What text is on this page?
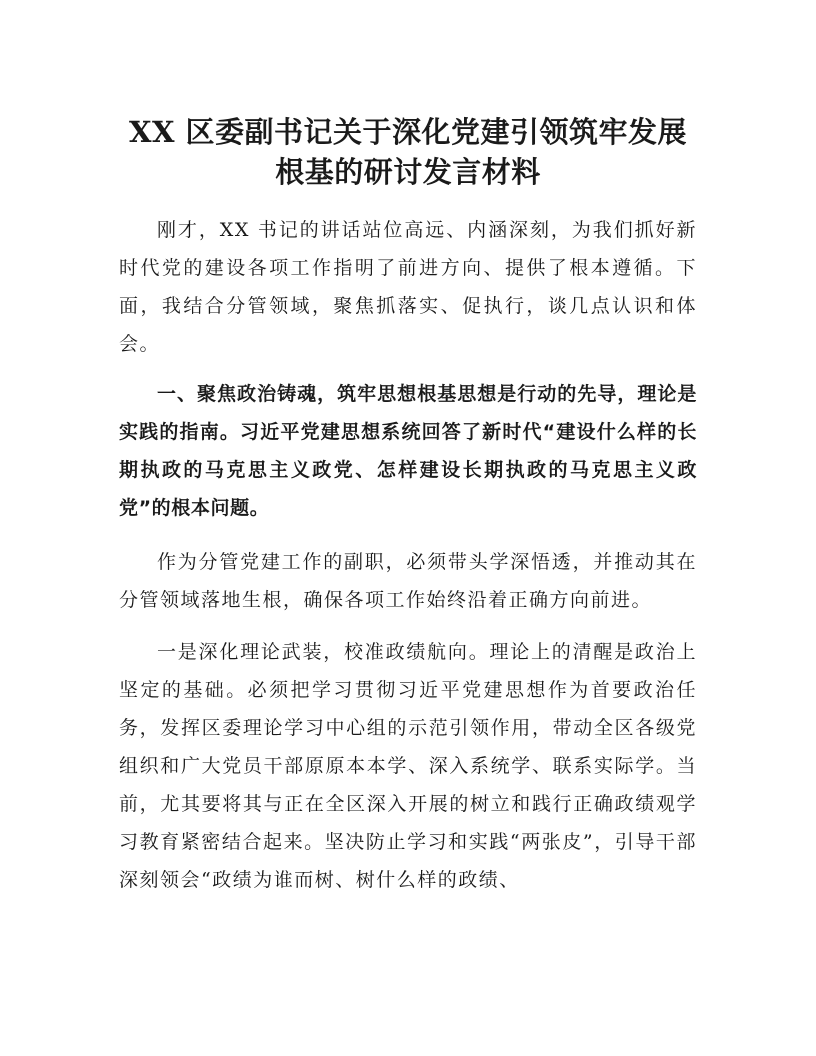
XX 区委副书记关于深化党建引领筑牢发展
根基的研讨发言材料

刚才，XX 书记的讲话站位高远、内涵深刻，为我们抓好新时代党的建设各项工作指明了前进方向、提供了根本遵循。下面，我结合分管领域，聚焦抓落实、促执行，谈几点认识和体会。

一、聚焦政治铸魂，筑牢思想根基思想是行动的先导，理论是实践的指南。习近平党建思想系统回答了新时代“建设什么样的长期执政的马克思主义政党、怎样建设长期执政的马克思主义政党”的根本问题。

作为分管党建工作的副职，必须带头学深悟透，并推动其在分管领域落地生根，确保各项工作始终沿着正确方向前进。

一是深化理论武装，校准政绩航向。理论上的清醒是政治上坚定的基础。必须把学习贯彻习近平党建思想作为首要政治任务，发挥区委理论学习中心组的示范引领作用，带动全区各级党组织和广大党员干部原原本本学、深入系统学、联系实际学。当前，尤其要将其与正在全区深入开展的树立和践行正确政绩观学习教育紧密结合起来。坚决防止学习和实践“两张皮”，引导干部深刻领会“政绩为谁而树、树什么样的政绩、
